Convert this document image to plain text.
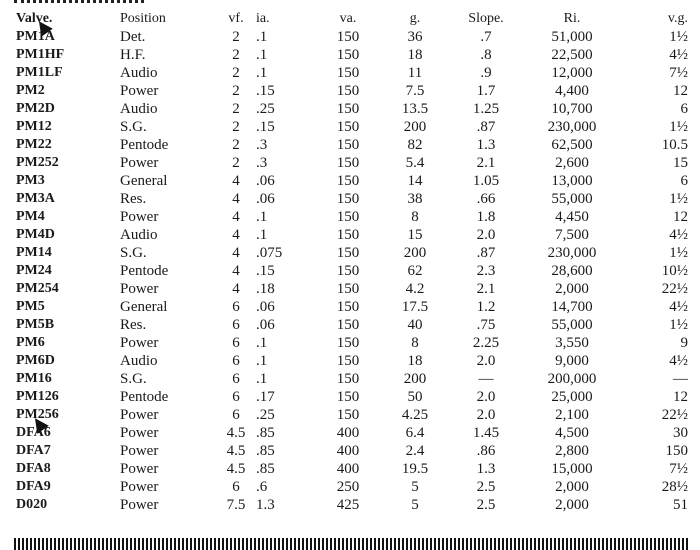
Valve.	Position	vf.	ia.	va.	g.	Slope.	Ri.	v.g.
PM1A	Det.	2	.1	150	36	.7	51,000	1½
PM1HF	H.F.	2	.1	150	18	.8	22,500	4½
PM1LF	Audio	2	.1	150	11	.9	12,000	7½
PM2	Power	2	.15	150	7.5	1.7	4,400	12
PM2D	Audio	2	.25	150	13.5	1.25	10,700	6
PM12	S.G.	2	.15	150	200	.87	230,000	1½
PM22	Pentode	2	.3	150	82	1.3	62,500	10.5
PM252	Power	2	.3	150	5.4	2.1	2,600	15
PM3	General	4	.06	150	14	1.05	13,000	6
PM3A	Res.	4	.06	150	38	.66	55,000	1½
PM4	Power	4	.1	150	8	1.8	4,450	12
PM4D	Audio	4	.1	150	15	2.0	7,500	4½
PM14	S.G.	4	.075	150	200	.87	230,000	1½
PM24	Pentode	4	.15	150	62	2.3	28,600	10½
PM254	Power	4	.18	150	4.2	2.1	2,000	22½
PM5	General	6	.06	150	17.5	1.2	14,700	4½
PM5B	Res.	6	.06	150	40	.75	55,000	1½
PM6	Power	6	.1	150	8	2.25	3,550	9
PM6D	Audio	6	.1	150	18	2.0	9,000	4½
PM16	S.G.	6	.1	150	200	—	200,000	—
PM126	Pentode	6	.17	150	50	2.0	25,000	12
PM256	Power	6	.25	150	4.25	2.0	2,100	22½
DFA6	Power	4.5	.85	400	6.4	1.45	4,500	30
DFA7	Power	4.5	.85	400	2.4	.86	2,800	150
DFA8	Power	4.5	.85	400	19.5	1.3	15,000	7½
DFA9	Power	6	.6	250	5	2.5	2,000	28½
D020	Power	7.5	1.3	425	5	2.5	2,000	51
